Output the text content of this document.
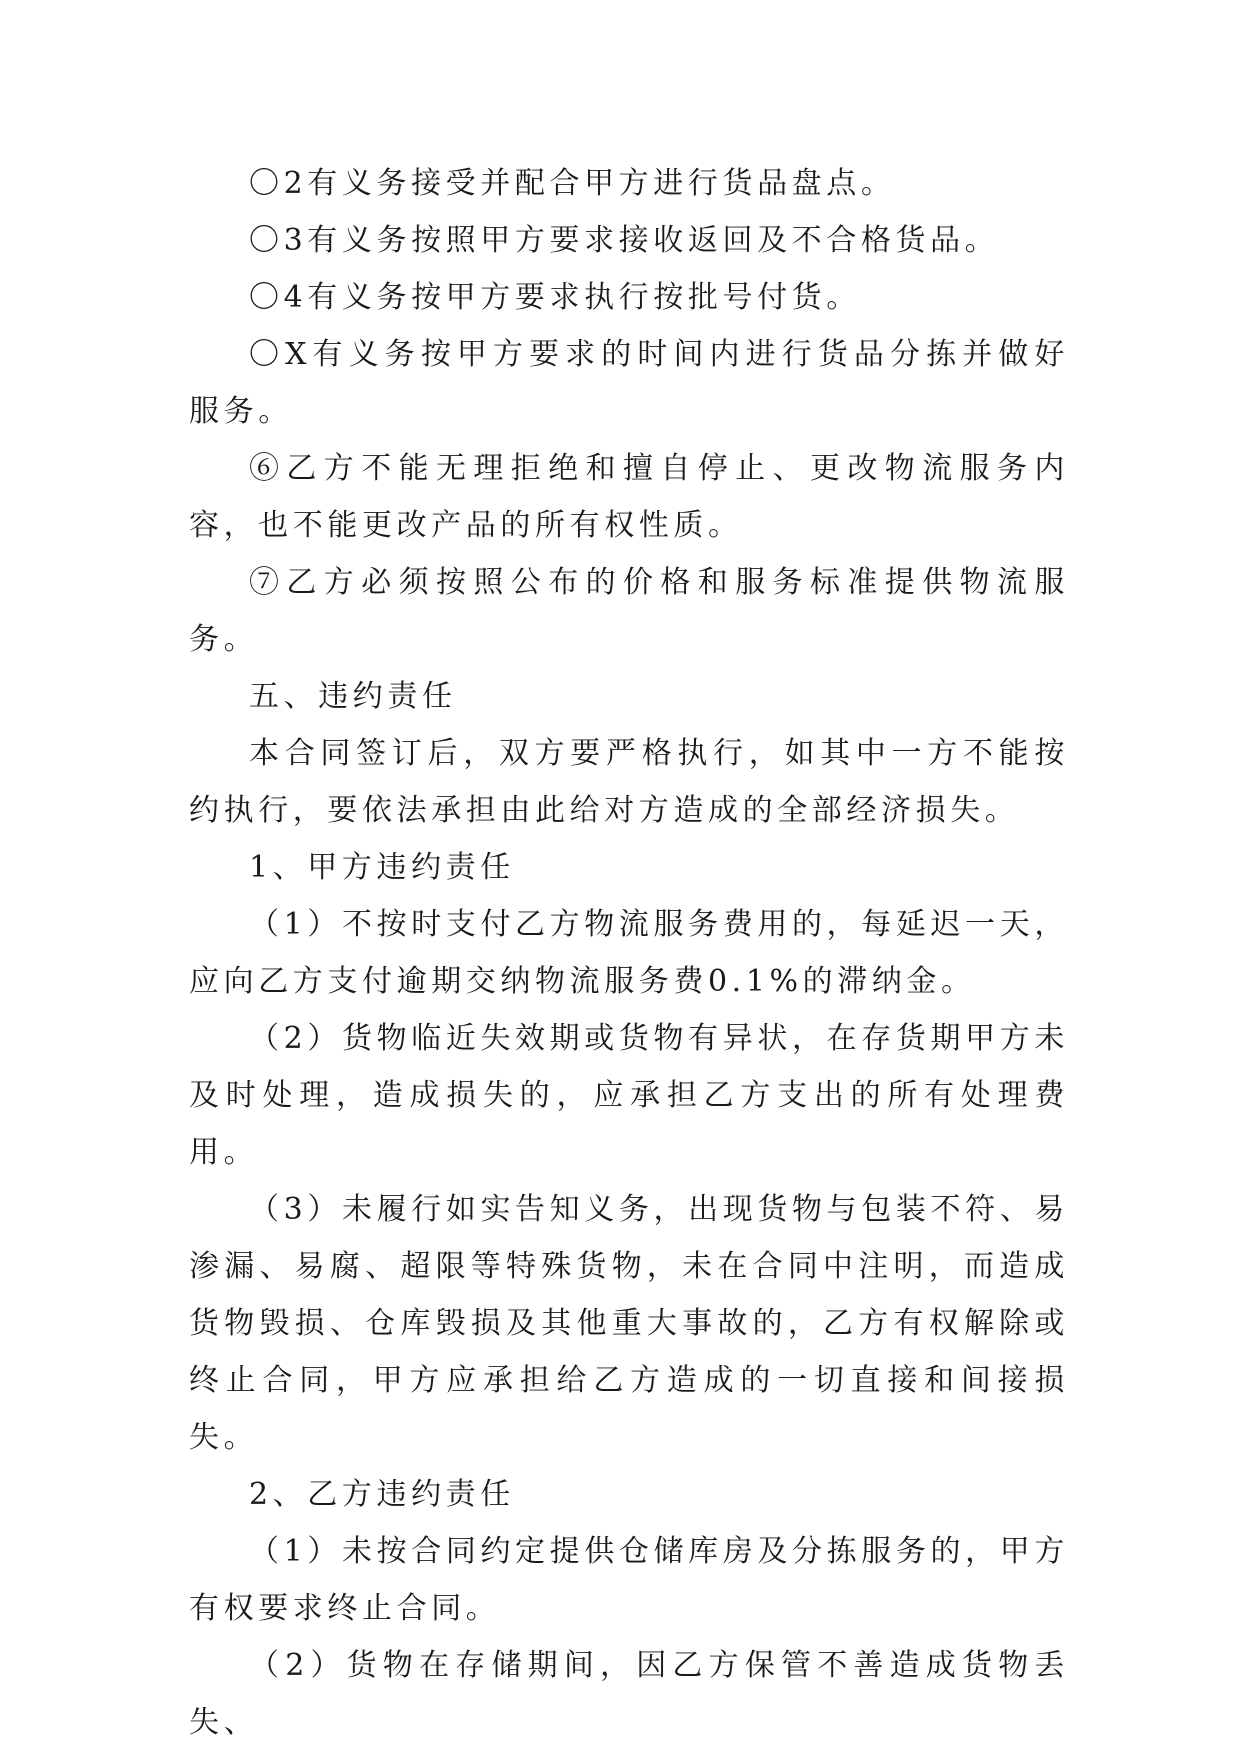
〇2有义务接受并配合甲方进行货品盘点。

〇3有义务按照甲方要求接收返回及不合格货品。

〇4有义务按甲方要求执行按批号付货。

〇X有义务按甲方要求的时间内进行货品分拣并做好服务。

⑥乙方不能无理拒绝和擅自停止、更改物流服务内容，也不能更改产品的所有权性质。

⑦乙方必须按照公布的价格和服务标准提供物流服务。

五、违约责任

本合同签订后，双方要严格执行，如其中一方不能按约执行，要依法承担由此给对方造成的全部经济损失。

1、甲方违约责任

（1）不按时支付乙方物流服务费用的，每延迟一天，应向乙方支付逾期交纳物流服务费0.1%的滞纳金。

（2）货物临近失效期或货物有异状，在存货期甲方未及时处理，造成损失的，应承担乙方支出的所有处理费用。

（3）未履行如实告知义务，出现货物与包装不符、易渗漏、易腐、超限等特殊货物，未在合同中注明，而造成货物毁损、仓库毁损及其他重大事故的，乙方有权解除或终止合同，甲方应承担给乙方造成的一切直接和间接损失。

2、乙方违约责任

（1）未按合同约定提供仓储库房及分拣服务的，甲方有权要求终止合同。

（2）货物在存储期间，因乙方保管不善造成货物丢失、
